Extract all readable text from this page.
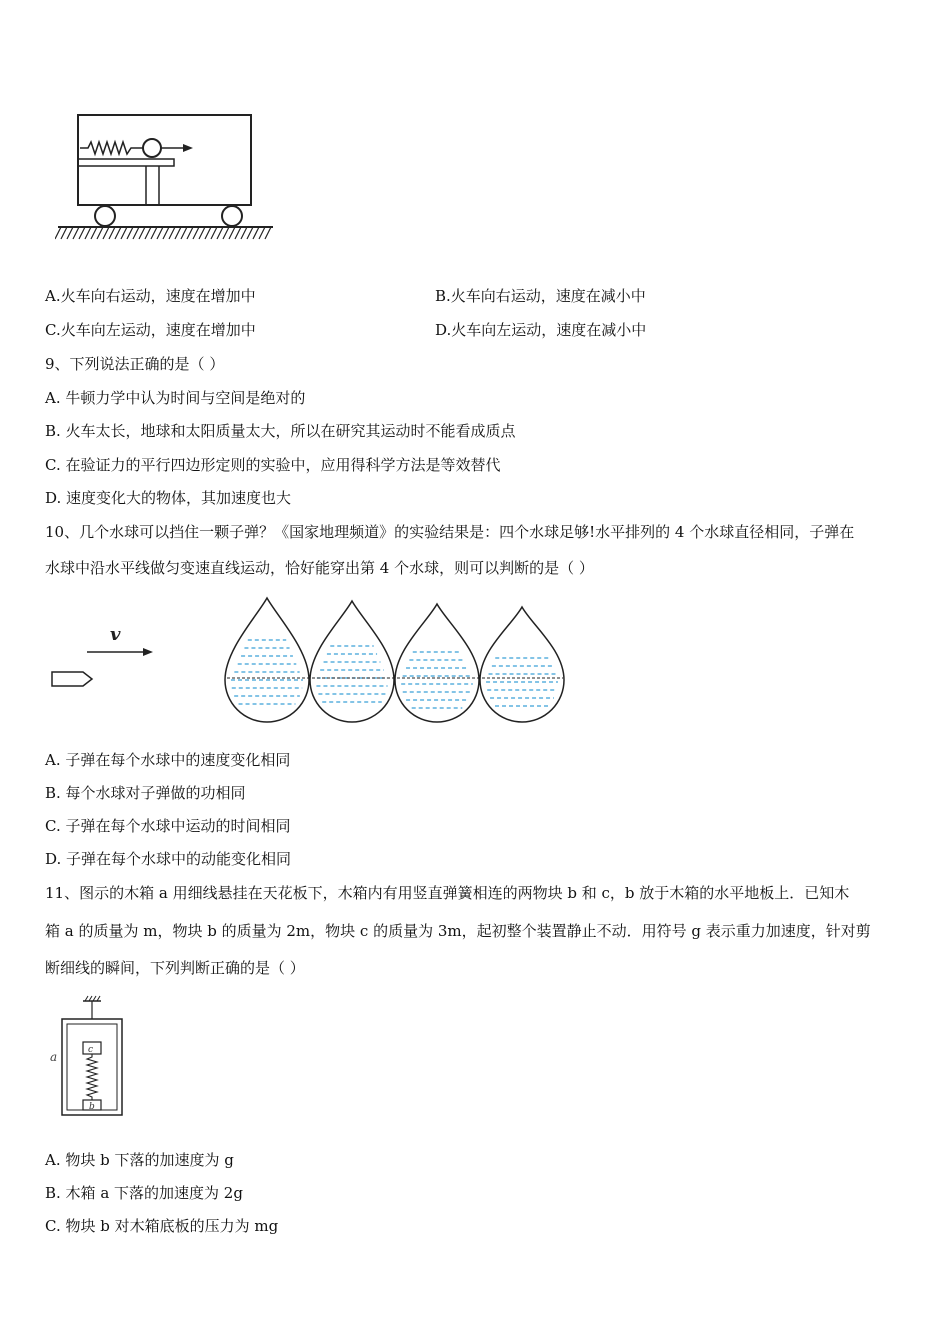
A.火车向右运动，速度在增加中	B.火车向右运动，速度在减小中
C.火车向左运动，速度在增加中	D.火车向左运动，速度在减小中
9、下列说法正确的是（ ）
A. 牛顿力学中认为时间与空间是绝对的
B. 火车太长，地球和太阳质量太大，所以在研究其运动时不能看成质点
C. 在验证力的平行四边形定则的实验中，应用得科学方法是等效替代
D. 速度变化大的物体，其加速度也大
10、几个水球可以挡住一颗子弹？《国家地理频道》的实验结果是：四个水球足够!水平排列的 4 个水球直径相同，子弹在
水球中沿水平线做匀变速直线运动，恰好能穿出第 4 个水球，则可以判断的是（ ）
v
A. 子弹在每个水球中的速度变化相同
B. 每个水球对子弹做的功相同
C. 子弹在每个水球中运动的时间相同
D. 子弹在每个水球中的动能变化相同
11、图示的木箱 a 用细线悬挂在天花板下，木箱内有用竖直弹簧相连的两物块 b 和 c，b 放于木箱的水平地板上．已知木
箱 a 的质量为 m，物块 b 的质量为 2m，物块 c 的质量为 3m，起初整个装置静止不动．用符号 g 表示重力加速度，针对剪
断细线的瞬间，下列判断正确的是（ ）
a	c
b
A. 物块 b 下落的加速度为 g
B. 木箱 a 下落的加速度为 2g
C. 物块 b 对木箱底板的压力为 mg
